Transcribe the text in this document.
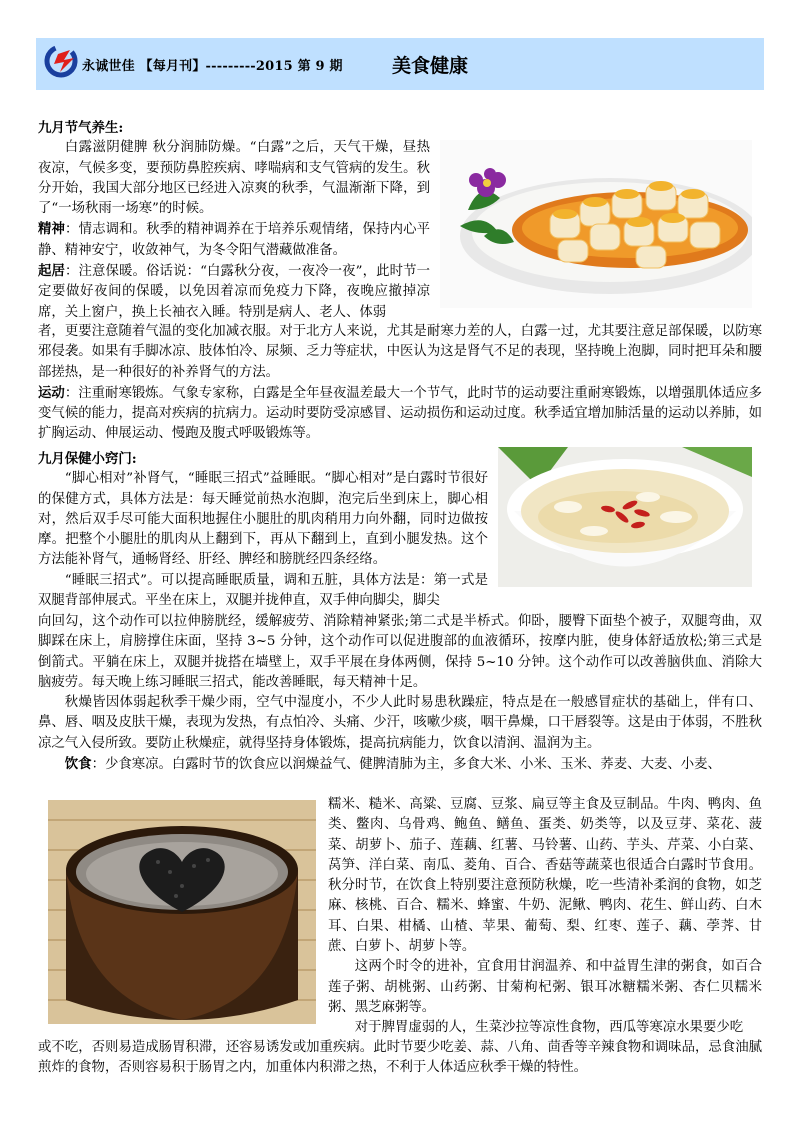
永诚世佳 【每月刊】---------2015 第 9 期	美食健康

九月节气养生:

白露滋阴健脾 秋分润肺防燥。“白露”之后，天气干燥，昼热夜凉，气候多变，要预防鼻腔疾病、哮喘病和支气管病的发生。秋分开始，我国大部分地区已经进入凉爽的秋季，气温渐渐下降，到了“一场秋雨一场寒”的时候。

精神：情志调和。秋季的精神调养在于培养乐观情绪，保持内心平静、精神安宁，收敛神气，为冬令阳气潜藏做准备。

起居：注意保暖。俗话说：“白露秋分夜，一夜冷一夜”，此时节一定要做好夜间的保暖，以免因着凉而免疫力下降，夜晚应撤掉凉席，关上窗户，换上长袖衣入睡。特别是病人、老人、体弱

者，更要注意随着气温的变化加减衣服。对于北方人来说，尤其是耐寒力差的人，白露一过，尤其要注意足部保暖，以防寒邪侵袭。如果有手脚冰凉、肢体怕冷、尿频、乏力等症状，中医认为这是肾气不足的表现，坚持晚上泡脚，同时把耳朵和腰部搓热，是一种很好的补养肾气的方法。

运动：注重耐寒锻炼。气象专家称，白露是全年昼夜温差最大一个节气，此时节的运动要注重耐寒锻炼，以增强肌体适应多变气候的能力，提高对疾病的抗病力。运动时要防受凉感冒、运动损伤和运动过度。秋季适宜增加肺活量的运动以养肺，如扩胸运动、伸展运动、慢跑及腹式呼吸锻炼等。

九月保健小窍门:

“脚心相对”补肾气，“睡眠三招式”益睡眠。“脚心相对”是白露时节很好的保健方式，具体方法是：每天睡觉前热水泡脚，泡完后坐到床上，脚心相对，然后双手尽可能大面积地握住小腿肚的肌肉稍用力向外翻，同时边做按摩。把整个小腿肚的肌肉从上翻到下，再从下翻到上，直到小腿发热。这个方法能补肾气，通畅肾经、肝经、脾经和膀胱经四条经络。

“睡眠三招式”。可以提高睡眠质量，调和五脏，具体方法是：第一式是双腿背部伸展式。平坐在床上，双腿并拢伸直，双手伸向脚尖，脚尖

向回勾，这个动作可以拉伸膀胱经，缓解疲劳、消除精神紧张;第二式是半桥式。仰卧，腰臀下面垫个被子，双腿弯曲，双脚踩在床上，肩膀撑住床面，坚持 3~5 分钟，这个动作可以促进腹部的血液循环，按摩内脏，使身体舒适放松;第三式是倒箭式。平躺在床上，双腿并拢搭在墙壁上，双手平展在身体两侧，保持 5~10 分钟。这个动作可以改善脑供血、消除大脑疲劳。每天晚上练习睡眠三招式，能改善睡眠，每天精神十足。

秋燥皆因体弱起秋季干燥少雨，空气中湿度小，不少人此时易患秋躁症，特点是在一般感冒症状的基础上，伴有口、鼻、唇、咽及皮肤干燥，表现为发热，有点怕冷、头痛、少汗，咳嗽少痰，咽干鼻燥，口干唇裂等。这是由于体弱，不胜秋凉之气入侵所致。要防止秋燥症，就得坚持身体锻炼，提高抗病能力，饮食以清润、温润为主。

饮食：少食寒凉。白露时节的饮食应以润燥益气、健脾清肺为主，多食大米、小米、玉米、荞麦、大麦、小麦、

糯米、糙米、高粱、豆腐、豆浆、扁豆等主食及豆制品。牛肉、鸭肉、鱼类、鳖肉、乌骨鸡、鲍鱼、鳝鱼、蛋类、奶类等，以及豆芽、菜花、菠菜、胡萝卜、茄子、莲藕、红薯、马铃薯、山药、芋头、芹菜、小白菜、莴笋、洋白菜、南瓜、菱角、百合、香菇等蔬菜也很适合白露时节食用。秋分时节，在饮食上特别要注意预防秋燥，吃一些清补柔润的食物，如芝麻、核桃、百合、糯米、蜂蜜、牛奶、泥鳅、鸭肉、花生、鲜山药、白木耳、白果、柑橘、山楂、苹果、葡萄、梨、红枣、莲子、藕、荸荠、甘蔗、白萝卜、胡萝卜等。

这两个时令的进补，宜食用甘润温养、和中益胃生津的粥食，如百合莲子粥、胡桃粥、山药粥、甘菊枸杞粥、银耳冰糖糯米粥、杏仁贝糯米粥、黑芝麻粥等。

对于脾胃虚弱的人，生菜沙拉等凉性食物，西瓜等寒凉水果要少吃

或不吃，否则易造成肠胃积滞，还容易诱发或加重疾病。此时节要少吃姜、蒜、八角、茴香等辛辣食物和调味品，忌食油腻煎炸的食物，否则容易积于肠胃之内，加重体内积滞之热，不利于人体适应秋季干燥的特性。
